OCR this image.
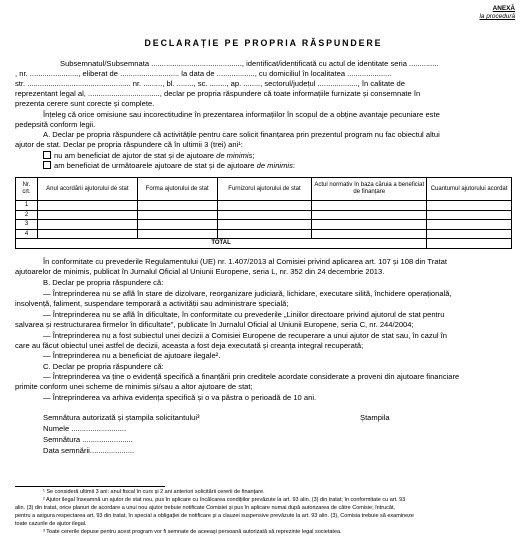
ANEXĂ
la procedură
DECLARAȚIE PE PROPRIA RĂSPUNDERE
Subsemnatul/Subsemnata ..........................................., identificat/identificată cu actul de identitate seria ..............
, nr. ......................., eliberat de ............................ la data de .................., cu domiciliul în localitatea .....................
str. ................................................. nr. ........., bl. ........, sc. ........, ap. ........, sectorul/județul ..................., în calitate de
reprezentant legal al, .................................., declar pe propria răspundere că toate informațiile furnizate și consemnate în
prezenta cerere sunt corecte și complete.
Înțeleg că orice omisiune sau incorectitudine în prezentarea informațiilor în scopul de a obține avantaje pecuniare este
pedepsită conform legii.
A. Declar pe propria răspundere că activitățile pentru care solicit finanțarea prin prezentul program nu fac obiectul altui
ajutor de stat. Declar pe propria răspundere că în ultimii 3 (trei) ani¹:
nu am beneficiat de ajutor de stat și de ajutoare de minimis;
am beneficiat de următoarele ajutoare de stat și de ajutoare de minimis:
Nr. crt.	Anul acordării ajutorului de stat	Forma ajutorului de stat	Furnizorul ajutorului de stat	Actul normativ în baza căruia a beneficiat de finanțare	Cuantumul ajutorului acordat
1					
2					
3					
4					
TOTAL					
În conformitate cu prevederile Regulamentului (UE) nr. 1.407/2013 al Comisiei privind aplicarea art. 107 și 108 din Tratat
ajutoarelor de minimis, publicat în Jurnalul Oficial al Uniunii Europene, seria L, nr. 352 din 24 decembrie 2013.
B. Declar pe propria răspundere că:
— Întreprinderea nu se află în stare de dizolvare, reorganizare judiciară, lichidare, executare silită, închidere operațională,
insolvență, faliment, suspendare temporară a activității sau administrare specială;
— Întreprinderea nu se află în dificultate, în conformitate cu prevederile „Liniilor directoare privind ajutorul de stat pentru
salvarea și restructurarea firmelor în dificultate", publicate în Jurnalul Oficial al Uniunii Europene, seria C, nr. 244/2004;
— Întreprinderea nu a fost subiectul unei decizii a Comisiei Europene de recuperare a unui ajutor de stat sau, în cazul în
care au făcut obiectul unei astfel de decizii, aceasta a fost deja executată și creanța integral recuperată;
— Întreprinderea nu a beneficiat de ajutoare ilegale².
C. Declar pe propria răspundere că:
— Întreprinderea va ține o evidență specifică a finanțării prin creditele acordate considerate a proveni din ajutoare financiare
primite conform unei scheme de minimis și/sau a altor ajutoare de stat;
— Întreprinderea va arhiva evidența specifică și o va păstra o perioadă de 10 ani.
Semnătura autorizată și ștampila solicitantului³	Ștampila
Numele ..........................
Semnătura ........................
Data semnării.....................
¹ Se consideră ultimii 3 ani: anul fiscal în curs și 2 ani anteriori solicitării cererii de finanțare.
² Ajutor ilegal înseamnă un ajutor de stat nou, pus în aplicare cu încălcarea condițiilor prevăzute la art. 93 alin. (3) din tratat; în conformitate cu art. 93
alin. (3) din tratat, orice planuri de acordare a unui nou ajutor trebuie notificate Comisiei și pus în aplicare numai după autorizarea de către Comisie; întrucât,
pentru a asigura respectarea art. 93 din tratat, în special a obligației de notificare și a clauzei suspensive prevăzute la art. 93 alin. (3), Comisia trebuie să examineze
toate cazurile de ajutor ilegal.
³ Toate cererile depuse pentru acest program vor fi semnate de aceeași persoană autorizată să reprezinte legal societatea.
